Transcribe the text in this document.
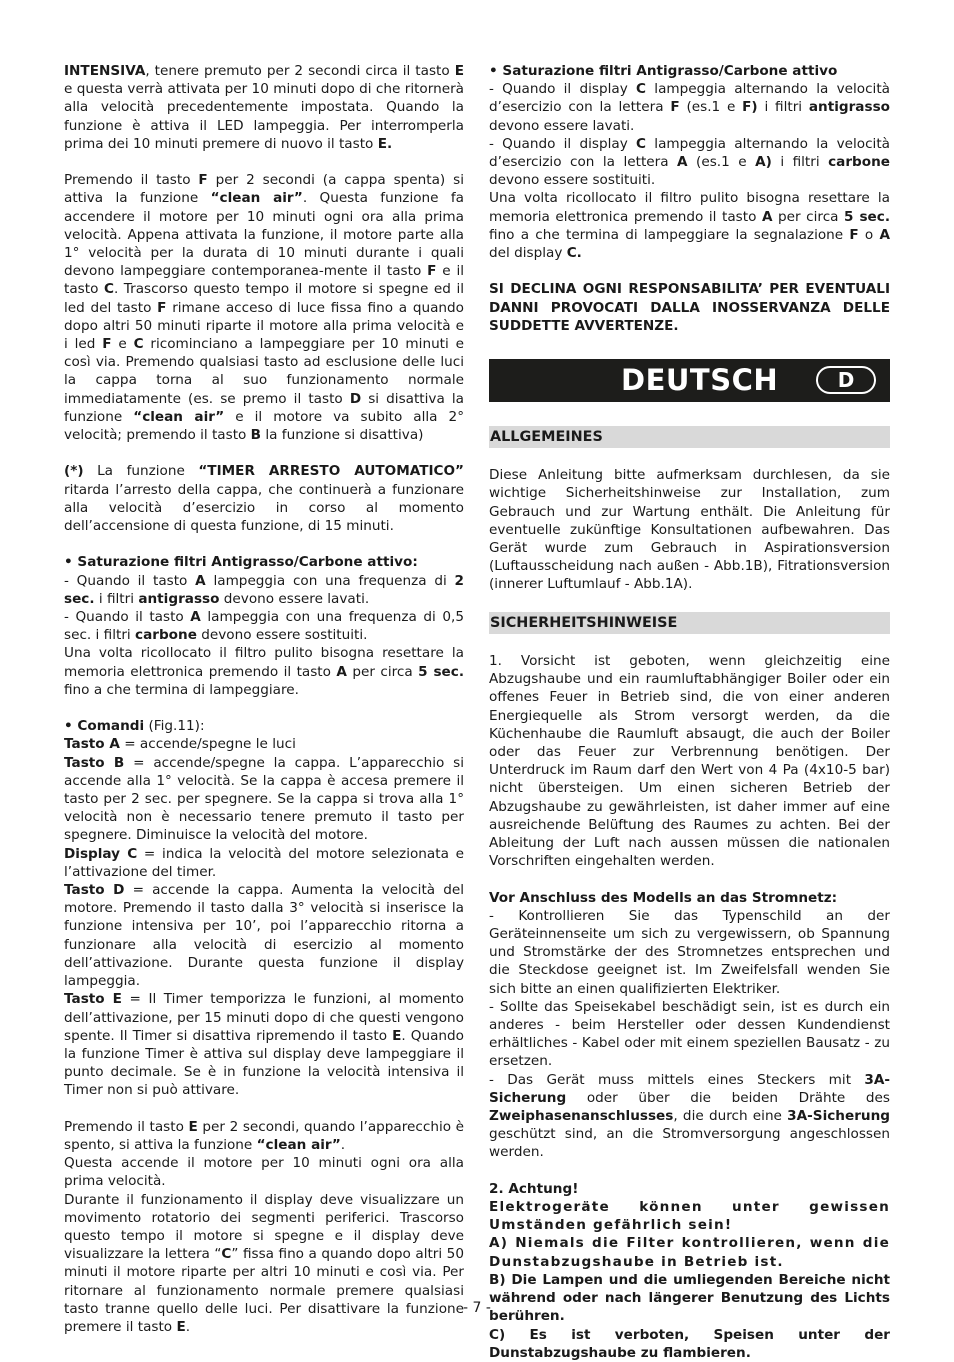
INTENSIVA, tenere premuto per 2 secondi circa il tasto E e questa verrà attivata per 10 minuti dopo di che ritornerà alla velocità precedentemente impostata. Quando la funzione è attiva il LED lampeggia. Per interromperla prima dei 10 minuti premere di nuovo il tasto E.

Premendo il tasto F per 2 secondi (a cappa spenta) si attiva la funzione “clean air”. Questa funzione fa accendere il motore per 10 minuti ogni ora alla prima velocità. Appena attivata la funzione, il motore parte alla 1° velocità per la durata di 10 minuti durante i quali devono lampeggiare contemporanea-mente il tasto F e il tasto C. Trascorso questo tempo il motore si spegne ed il led del tasto F rimane acceso di luce fissa fino a quando dopo altri 50 minuti riparte il motore alla prima velocità e i led F e C ricominciano a lampeggiare per 10 minuti e così via. Premendo qualsiasi tasto ad esclusione delle luci la cappa torna al suo funzionamento normale immediatamente (es. se premo il tasto D si disattiva la funzione “clean air” e il motore va subito alla 2° velocità; premendo il tasto B la funzione si disattiva)

(*) La funzione “TIMER ARRESTO AUTOMATICO” ritarda l’arresto della cappa, che continuerà a funzionare alla velocità d’esercizio in corso al momento dell’accensione di questa funzione, di 15 minuti.

• Saturazione filtri Antigrasso/Carbone attivo:

- Quando il tasto A lampeggia con una frequenza di 2 sec. i filtri antigrasso devono essere lavati.

- Quando il tasto A lampeggia con una frequenza di 0,5 sec. i filtri carbone devono essere sostituiti.

Una volta ricollocato il filtro pulito bisogna resettare la memoria elettronica premendo il tasto A per circa 5 sec. fino a che termina di lampeggiare.

• Comandi (Fig.11):

Tasto A = accende/spegne le luci

Tasto B = accende/spegne la cappa. L’apparecchio si accende alla 1° velocità. Se la cappa è accesa premere il tasto per 2 sec. per spegnere. Se la cappa si trova alla 1° velocità non è necessario tenere premuto il tasto per spegnere. Diminuisce la velocità del motore.

Display C = indica la velocità del motore selezionata e l’attivazione del timer.

Tasto D = accende la cappa. Aumenta la velocità del motore. Premendo il tasto dalla 3° velocità si inserisce la funzione intensiva per 10’, poi l’apparecchio ritorna a funzionare alla velocità di esercizio al momento dell’attivazione. Durante questa funzione il display lampeggia.

Tasto E = Il Timer temporizza le funzioni, al momento dell’attivazione, per 15 minuti dopo di che questi vengono spente. Il Timer si disattiva ripremendo il tasto E. Quando la funzione Timer è attiva sul display deve lampeggiare il punto decimale. Se è in funzione la velocità intensiva il Timer non si può attivare.

Premendo il tasto E per 2 secondi, quando l’apparecchio è spento, si attiva la funzione “clean air”.

Questa accende il motore per 10 minuti ogni ora alla prima velocità.

Durante il funzionamento il display deve visualizzare un movimento rotatorio dei segmenti periferici. Trascorso questo tempo il motore si spegne e il display deve visualizzare la lettera “C” fissa fino a quando dopo altri 50 minuti il motore riparte per altri 10 minuti e così via. Per ritornare al funzionamento normale premere qualsiasi tasto tranne quello delle luci. Per disattivare la funzione premere il tasto E.

• Saturazione filtri Antigrasso/Carbone attivo

- Quando il display C lampeggia alternando la velocità d’esercizio con la lettera F (es.1 e F) i filtri antigrasso devono essere lavati.

- Quando il display C lampeggia alternando la velocità d’esercizio con la lettera A (es.1 e A) i filtri carbone devono essere sostituiti.

Una volta ricollocato il filtro pulito bisogna resettare la memoria elettronica premendo il tasto A per circa 5 sec. fino a che termina di lampeggiare la segnalazione F o A del display C.

SI DECLINA OGNI RESPONSABILITA’ PER EVENTUALI DANNI PROVOCATI DALLA INOSSERVANZA DELLE SUDDETTE AVVERTENZE.

DEUTSCH	D
ALLGEMEINES

Diese Anleitung bitte aufmerksam durchlesen, da sie wichtige Sicherheitshinweise zur Installation, zum Gebrauch und zur Wartung enthält. Die Anleitung für eventuelle zukünftige Konsultationen aufbewahren. Das Gerät wurde zum Gebrauch in Aspirationsversion (Luftausscheidung nach außen - Abb.1B), Fitrationsversion (innerer Luftumlauf - Abb.1A).

SICHERHEITSHINWEISE

1. Vorsicht ist geboten, wenn gleichzeitig eine Abzugshaube und ein raumluftabhängiger Boiler oder ein offenes Feuer in Betrieb sind, die von einer anderen Energiequelle als Strom versorgt werden, da die Küchenhaube die Raumluft absaugt, die auch der Boiler oder das Feuer zur Verbrennung benötigen. Der Unterdruck im Raum darf den Wert von 4 Pa (4x10-5 bar) nicht übersteigen. Um einen sicheren Betrieb der Abzugshaube zu gewährleisten, ist daher immer auf eine ausreichende Belüftung des Raumes zu achten. Bei der Ableitung der Luft nach aussen müssen die nationalen Vorschriften eingehalten werden.

Vor Anschluss des Modells an das Stromnetz:

- Kontrollieren Sie das Typenschild an der Geräteinnenseite um sich zu vergewissern, ob Spannung und Stromstärke der des Stromnetzes entsprechen und die Steckdose geeignet ist. Im Zweifelsfall wenden Sie sich bitte an einen qualifizierten Elektriker.

- Sollte das Speisekabel beschädigt sein, ist es durch ein anderes - beim Hersteller oder dessen Kundendienst erhältliches - Kabel oder mit einem speziellen Bausatz - zu ersetzen.

- Das Gerät muss mittels eines Steckers mit 3A-Sicherung oder über die beiden Drähte des Zweiphasenanschlusses, die durch eine 3A-Sicherung geschützt sind, an die Stromversorgung angeschlossen werden.

2. Achtung!

Elektrogeräte können unter gewissen Umständen gefährlich sein!

A) Niemals die Filter kontrollieren, wenn die Dunstabzugshaube in Betrieb ist.

B) Die Lampen und die umliegenden Bereiche nicht während oder nach längerer Benutzung des Lichts berühren.

C) Es ist verboten, Speisen unter der Dunstabzugshaube zu flambieren.

- 7 -
